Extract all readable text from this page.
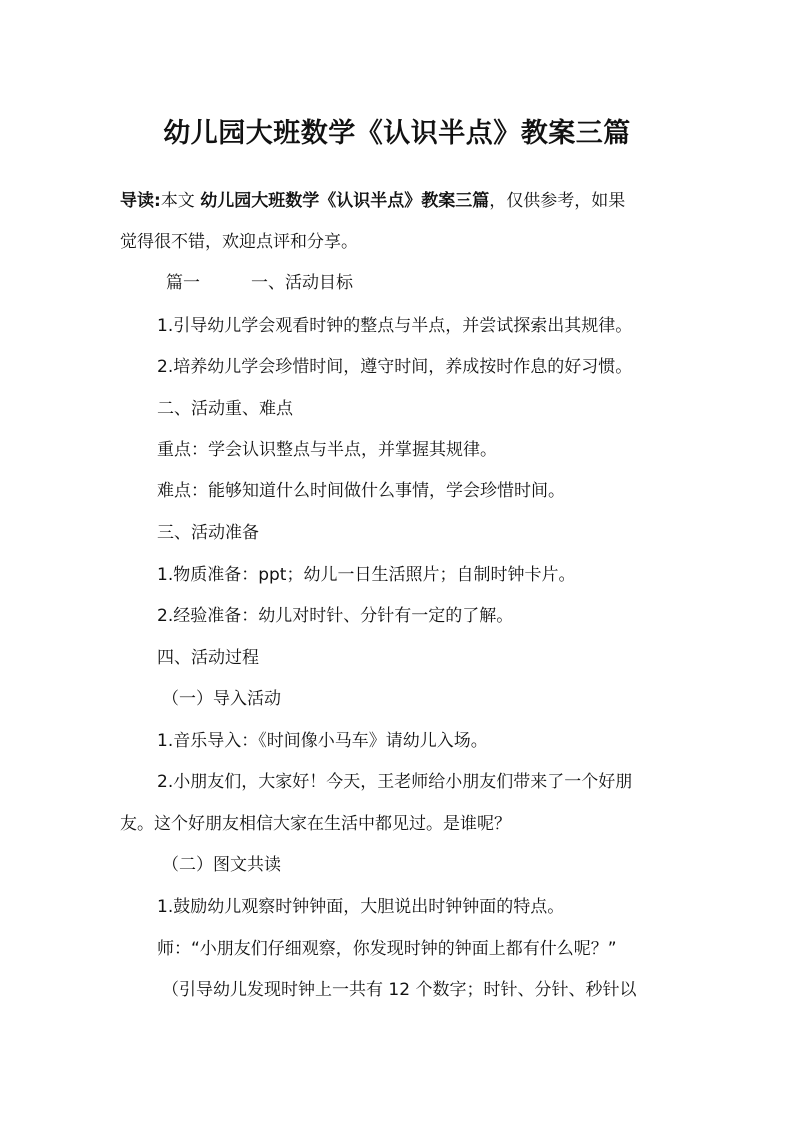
幼儿园大班数学《认识半点》教案三篇
导读:本文 幼儿园大班数学《认识半点》教案三篇，仅供参考，如果
觉得很不错，欢迎点评和分享。
篇一	一、活动目标
1.引导幼儿学会观看时钟的整点与半点，并尝试探索出其规律。
2.培养幼儿学会珍惜时间，遵守时间，养成按时作息的好习惯。
二、活动重、难点
重点：学会认识整点与半点，并掌握其规律。
难点：能够知道什么时间做什么事情，学会珍惜时间。
三、活动准备
1.物质准备：ppt；幼儿一日生活照片；自制时钟卡片。
2.经验准备：幼儿对时针、分针有一定的了解。
四、活动过程
（一）导入活动
1.音乐导入：《时间像小马车》请幼儿入场。
2.小朋友们，大家好！今天，王老师给小朋友们带来了一个好朋
友。这个好朋友相信大家在生活中都见过。是谁呢？
（二）图文共读
1.鼓励幼儿观察时钟钟面，大胆说出时钟钟面的特点。
师：“小朋友们仔细观察，你发现时钟的钟面上都有什么呢？”
（引导幼儿发现时钟上一共有 12 个数字；时针、分针、秒针以
